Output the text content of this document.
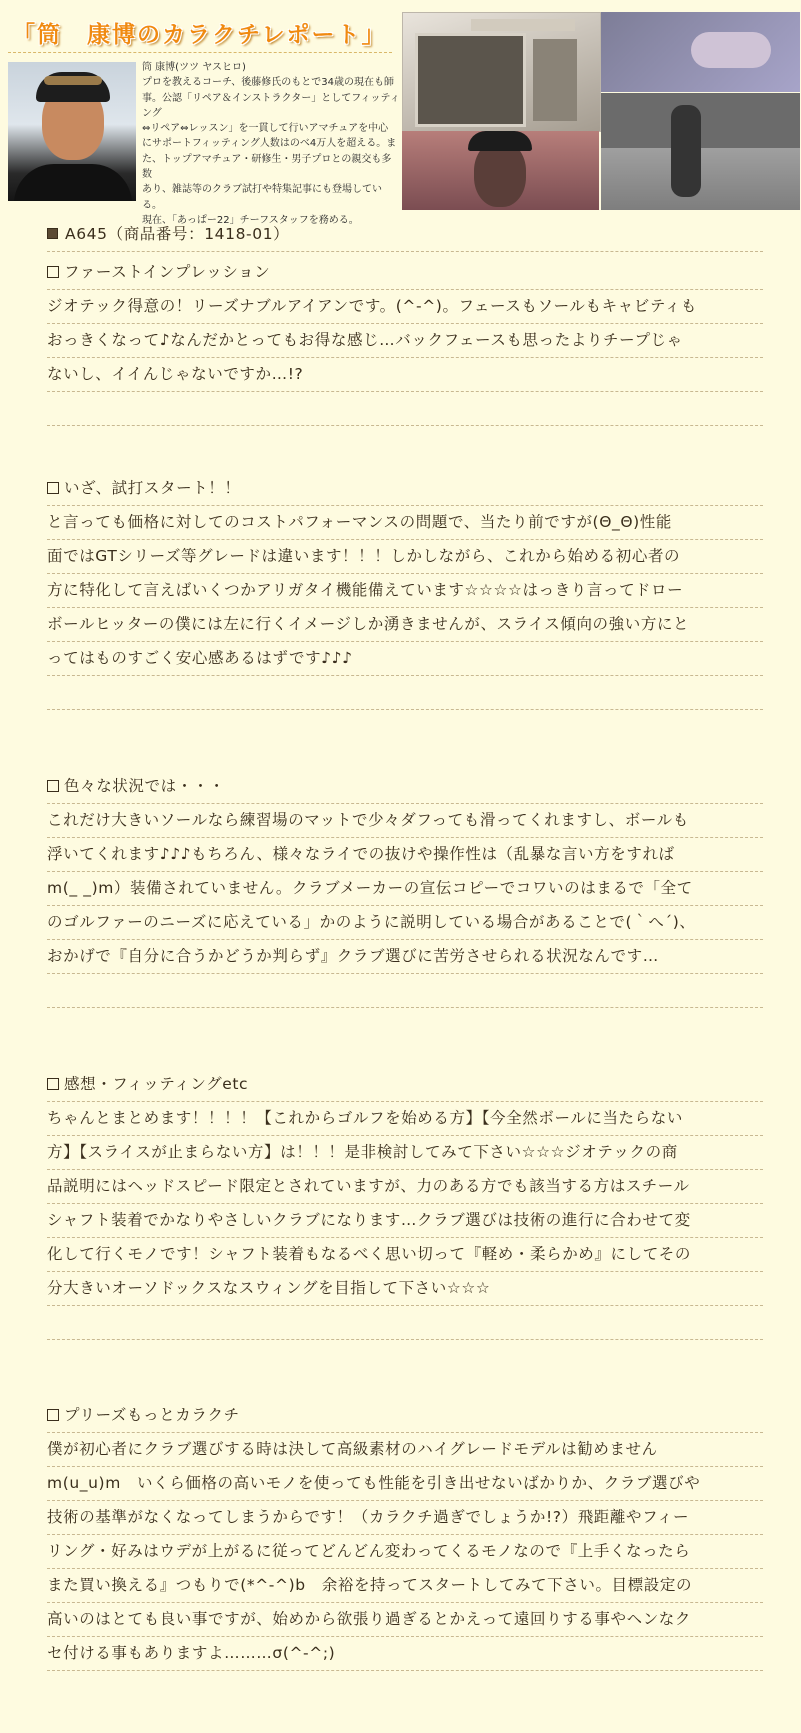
「筒　康博のカラクチレポート」
筒 康博(ツツ ヤスヒロ)
プロを教えるコーチ、後藤修氏のもとで34歳の現在も師
事。公認「リペア＆インストラクター」としてフィッティング
⇔リペア⇔レッスン」を一貫して行いアマチュアを中心
にサポートフィッティング人数はのべ4万人を超える。ま
た、トップアマチュア・研修生・男子プロとの親交も多数
あり、雑誌等のクラブ試打や特集記事にも登場している。
現在、「あっぱー22」チーフスタッフを務める。
A645（商品番号：1418-01）
ファーストインプレッション
ジオテック得意の！リーズナブルアイアンです。(^-^)。フェースもソールもキャビティも
おっきくなって♪なんだかとってもお得な感じ…バックフェースも思ったよりチープじゃ
ないし、イイんじゃないですか…!?
いざ、試打スタート！！
と言っても価格に対してのコストパフォーマンスの問題で、当たり前ですが(Θ_Θ)性能
面ではGTシリーズ等グレードは違います！！！しかしながら、これから始める初心者の
方に特化して言えばいくつかアリガタイ機能備えています☆☆☆☆はっきり言ってドロー
ボールヒッターの僕には左に行くイメージしか湧きませんが、スライス傾向の強い方にと
ってはものすごく安心感あるはずです♪♪♪
色々な状況では・・・
これだけ大きいソールなら練習場のマットで少々ダフっても滑ってくれますし、ボールも
浮いてくれます♪♪♪もちろん、様々なライでの抜けや操作性は（乱暴な言い方をすれば
m(_ _)m）装備されていません。クラブメーカーの宣伝コピーでコワいのはまるで「全て
のゴルファーのニーズに応えている」かのように説明している場合があることで(｀へ´)、
おかげで『自分に合うかどうか判らず』クラブ選びに苦労させられる状況なんです…
感想・フィッティングetc
ちゃんとまとめます！！！！【これからゴルフを始める方】【今全然ボールに当たらない
方】【スライスが止まらない方】は！！！是非検討してみて下さい☆☆☆ジオテックの商
品説明にはヘッドスピード限定とされていますが、力のある方でも該当する方はスチール
シャフト装着でかなりやさしいクラブになります…クラブ選びは技術の進行に合わせて変
化して行くモノです！シャフト装着もなるべく思い切って『軽め・柔らかめ』にしてその
分大きいオーソドックスなスウィングを目指して下さい☆☆☆
プリーズもっとカラクチ
僕が初心者にクラブ選びする時は決して高級素材のハイグレードモデルは勧めません
m(u_u)m　いくら価格の高いモノを使っても性能を引き出せないばかりか、クラブ選びや
技術の基準がなくなってしまうからです！（カラクチ過ぎでしょうか!?）飛距離やフィー
リング・好みはウデが上がるに従ってどんどん変わってくるモノなので『上手くなったら
また買い換える』つもりで(*^-^)b　余裕を持ってスタートしてみて下さい。目標設定の
高いのはとても良い事ですが、始めから欲張り過ぎるとかえって遠回りする事やヘンなク
セ付ける事もありますよ………σ(^-^;)
